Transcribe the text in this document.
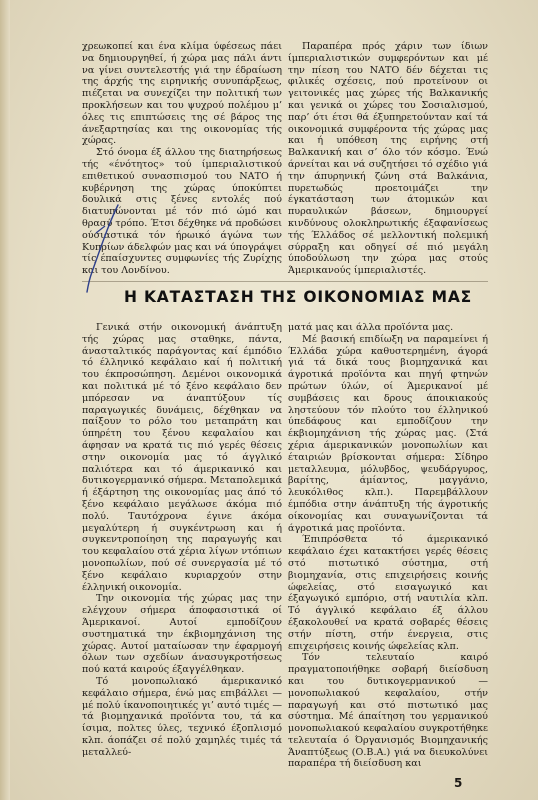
χρεωκοπεί και ένα κλίμα ύφέσεως πάει να δημιουργηθεί, ή χώρα μας πάλι άντι να γίνει συντελεστής γιά την έδραίωση της άρχής της ειρηνικής συνυπάρξεως, πιέζεται να συνεχίζει την πολιτική των προκλήσεων και του ψυχρού πολέμου μ’ όλες τις επιπτώσεις της σέ βάρος της άνεξαρτησίας και της οικονομίας τής χώρας.

Στό όνομα έξ άλλου της διατηρήσεως τής «ένότητος» τού ίμπεριαλιστικού επιθετικού συνασπισμού του ΝΑΤΟ ή κυβέρνηση της χώρας ύποκύπτει δουλικά στις ξένες εντολές πού διατυπώνονται μέ τόν πιό ώμό και θρασύ τρόπο. Έτσι δέχθηκε νά προδώσει ούσιαστικά τόν ήρωικό άγώνα των Κυπρίων άδελφών μας και νά ύπογράψει τίς έπαίσχυντες συμφωνίες τής Ζυρίχης και του Λονδίνου.

Παραπέρα πρός χάριν των ίδιων ίμπεριαλιστικών συμφερόντων και μέ την πίεση του ΝΑΤΟ δέν δέχεται τις φιλικές σχέσεις, πού προτείνουν οι γειτονικές μας χώρες τής Βαλκανικής και γενικά οι χώρες του Σοσιαλισμού, παρ’ ότι έτσι θά έξυπηρετούνταν καί τά οικονομικά συμφέροντα τής χώρας μας και ή υπόθεση της ειρήνης στή Βαλκανική και σ’ όλο τόν κόσμο. Ένώ άρνείται και νά συζητήσει τό σχέδιο γιά την άπυρηνική ζώνη στά Βαλκάνια, πυρετωδώς προετοιμάζει την έγκατάσταση των άτομικών και πυραυλικών βάσεων, δημιουργεί κινδύνους ολοκληρωτικής έξαφανίσεως τής Έλλάδος σέ μελλοντική πολεμική σύρραξη και οδηγεί σέ πιό μεγάλη ύποδούλωση την χώρα μας στούς Άμερικανούς ίμπεριαλιστές.

Η ΚΑΤΑΣΤΑΣΗ ΤΗΣ ΟΙΚΟΝΟΜΙΑΣ ΜΑΣ

Γενικά στήν οικονομική άνάπτυξη τής χώρας μας σταθηκε, πάντα, άνασταλτικός παράγοντας καί έμπόδιο τό έλληνικό κεφάλαιο καί ή πολιτική του έκπροσώπηση. Δεμένοι οικονομικά και πολιτικά μέ τό ξένο κεφάλαιο δεν μπόρεσαν να άναπτύξουν τίς παραγωγικές δυνάμεις, δέχθηκαν να παίξουν το ρόλο του μεταπράτη και ύπηρέτη του ξένου κεφαλαίου και άφησαν να κρατά τις πιό γερές θέσεις στην οικονομία μας τό άγγλικό παλιότερα και τό άμερικανικό και δυτικογερμανικό σήμερα. Μεταπολεμικά ή έξάρτηση της οικονομίας μας άπό τό ξένο κεφάλαιο μεγάλωσε άκόμα πιό πολύ. Ταυτόχρονα έγινε άκόμα μεγαλύτερη ή συγκέντρωση και ή συγκεντροποίηση της παραγωγής και του κεφαλαίου στά χέρια λίγων ντόπιων μονοπωλίων, πού σέ συνεργασία μέ τό ξένο κεφάλαιο κυριαρχούν στην έλληνική οικονομία.

Την οικονομία τής χώρας μας την ελέγχουν σήμερα άποφασιστικά οί Άμερικανοί. Αυτοί εμποδίζουν συστηματικά την έκβιομηχάνιση της χώρας. Αυτοί ματαίωσαν την έφαρμογή όλων των σχεδίων άνασυγκροτήσεως πού κατά καιρούς έξαγγέλθηκαν.

Τό μονοπωλιακό άμερικανικό κεφάλαιο σήμερα, ένώ μας επιβάλλει — μέ πολύ ίκανοποιητικές γι’ αυτό τιμές — τά βιομηχανικά προϊόντα του, τά κα ίσιμα, πολτες ύλες, τεχνικό έξοπλισμό κλπ. άοπάζει σέ πολύ χαμηλές τιμές τά μεταλλεύ-

ματά μας και άλλα προϊόντα μας.

Μέ βασική επιδίωξη να παραμείνει ή Έλλάδα χώρα καθυστερημένη, άγορά γιά τά δικά τους βιομηχανικά και άγροτικά προϊόντα και πηγή φτηνών πρώτων ύλών, οί Άμερικανοί μέ συμβάσεις και δρους άποικιακούς ληστεύουν τόν πλούτο του έλληνικού ύπεδάφους και εμποδίζουν την έκβιομηχάνιση τής χώρας μας. (Στά χέρια άμερικανικών μονοπωλίων και έταιριών βρίσκονται σήμερα: Σίδηρο μεταλλευμα, μόλυβδος, ψευδάργυρος, βαρίτης, άμίαντος, μαγγάνιο, λευκόλιθος κλπ.). Παρεμβάλλουν έμπόδια στην άνάπτυξη τής άγροτικής οίκονομίας και συναγωνίζονται τά άγροτικά μας προϊόντα.

Έπιπρόσθετα τό άμερικανικό κεφάλαιο έχει κατακτήσει γερές θέσεις στό πιστωτικό σύστημα, στή βιομηχανία, στις επιχειρήσεις κοινής ώφελείας, στό εισαγωγικό και έξαγωγικό εμπόριο, στή ναυτιλία κλπ. Τό άγγλικό κεφάλαιο έξ άλλου έξακολουθεί να κρατά σοβαρές θέσεις στήν πίστη, στήν ένεργεια, στις επιχειρήσεις κοινής ώφελείας κλπ.

Τόν τελευταίο καιρό πραγματοποιήθηκε σοβαρή διείσδυση και του δυτικογερμανικού — μονοπωλιακού κεφαλαίου, στήν παραγωγή και στό πιστωτικό μας σύστημα. Μέ άπαίτηση του γερμανικού μονοπωλιακού κεφαλαίου συγκροτήθηκε τελευταία ό Όργανισμός Βιομηχανικής Άναπτύξεως (Ο.Β.Α.) γιά να διευκολύνει παραπέρα τή διείσδυση και

5
